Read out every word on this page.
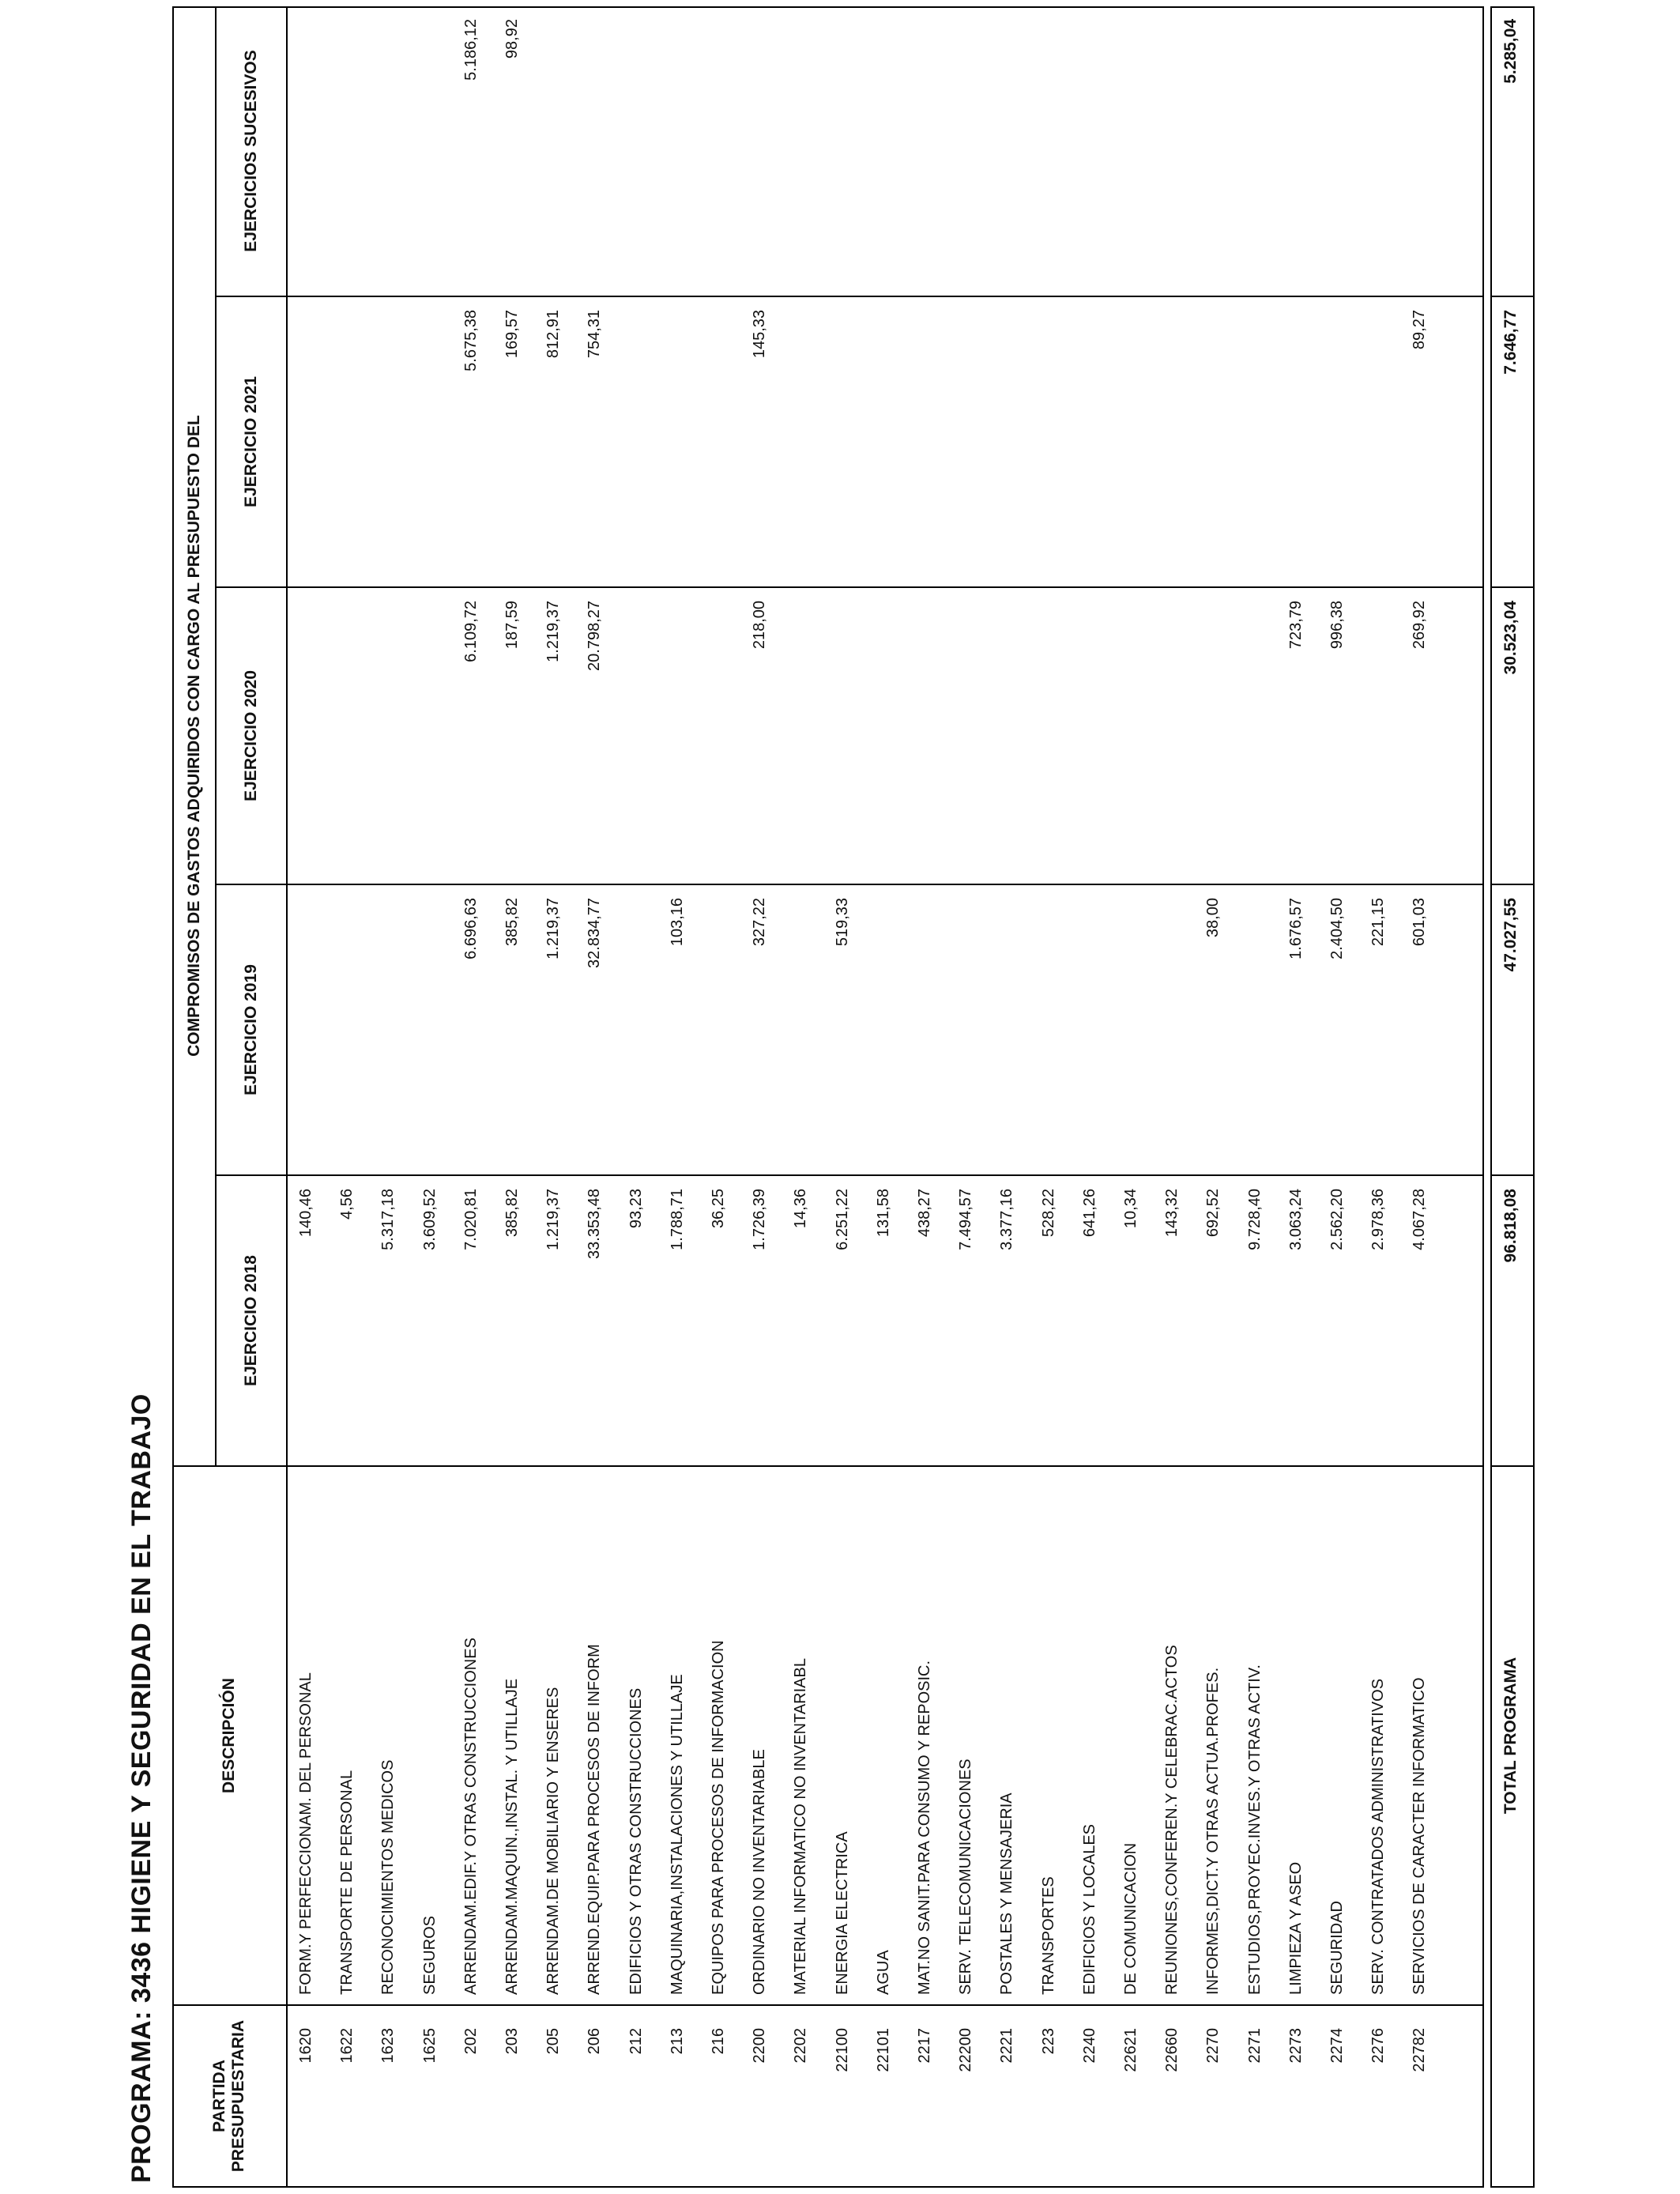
PROGRAMA: 3436 HIGIENE Y SEGURIDAD EN EL TRABAJO	PARTIDA PRESUPUESTARIA
DESCRIPCIÓN
COMPROMISOS DE GASTOS ADQUIRIDOS CON CARGO AL PRESUPUESTO DEL
EJERCICIO 2018
EJERCICIO 2019
EJERCICIO 2020
EJERCICIO 2021
EJERCICIOS SUCESIVOS
1620
FORM.Y PERFECCIONAM. DEL PERSONAL
140,46
1622
TRANSPORTE DE PERSONAL
4,56
1623
RECONOCIMIENTOS MEDICOS
5.317,18
1625
SEGUROS
3.609,52
202
ARRENDAM.EDIF.Y OTRAS CONSTRUCCIONES
7.020,81
6.696,63
6.109,72
5.675,38
5.186,12
203
ARRENDAM.MAQUIN.,INSTAL. Y UTILLAJE
385,82
385,82
187,59
169,57
98,92
205
ARRENDAM.DE MOBILIARIO Y ENSERES
1.219,37
1.219,37
1.219,37
812,91
206
ARREND.EQUIP.PARA PROCESOS DE INFORM
33.353,48
32.834,77
20.798,27
754,31
212
EDIFICIOS Y OTRAS CONSTRUCCIONES
93,23
213
MAQUINARIA,INSTALACIONES Y UTILLAJE
1.788,71
103,16
216
EQUIPOS PARA PROCESOS DE INFORMACION
36,25
2200
ORDINARIO NO INVENTARIABLE
1.726,39
327,22
218,00
145,33
2202
MATERIAL INFORMATICO NO INVENTARIABL
14,36
22100
ENERGIA ELECTRICA
6.251,22
519,33
22101
AGUA
131,58
2217
MAT.NO SANIT.PARA CONSUMO Y REPOSIC.
438,27
22200
SERV. TELECOMUNICACIONES
7.494,57
2221
POSTALES Y MENSAJERIA
3.377,16
223
TRANSPORTES
528,22
2240
EDIFICIOS Y LOCALES
641,26
22621
DE COMUNICACION
10,34
22660
REUNIONES,CONFEREN.Y CELEBRAC.ACTOS
143,32
2270
INFORMES,DICT.Y OTRAS ACTUA.PROFES.
692,52
38,00
2271
ESTUDIOS,PROYEC.INVES.Y OTRAS ACTIV.
9.728,40
2273
LIMPIEZA Y ASEO
3.063,24
1.676,57
723,79
2274
SEGURIDAD
2.562,20
2.404,50
996,38
2276
SERV. CONTRATADOS ADMINISTRATIVOS
2.978,36
221,15
22782
SERVICIOS DE CARACTER INFORMATICO
4.067,28
601,03
269,92
89,27
TOTAL PROGRAMA
96.818,08
47.027,55
30.523,04
7.646,77
5.285,04
